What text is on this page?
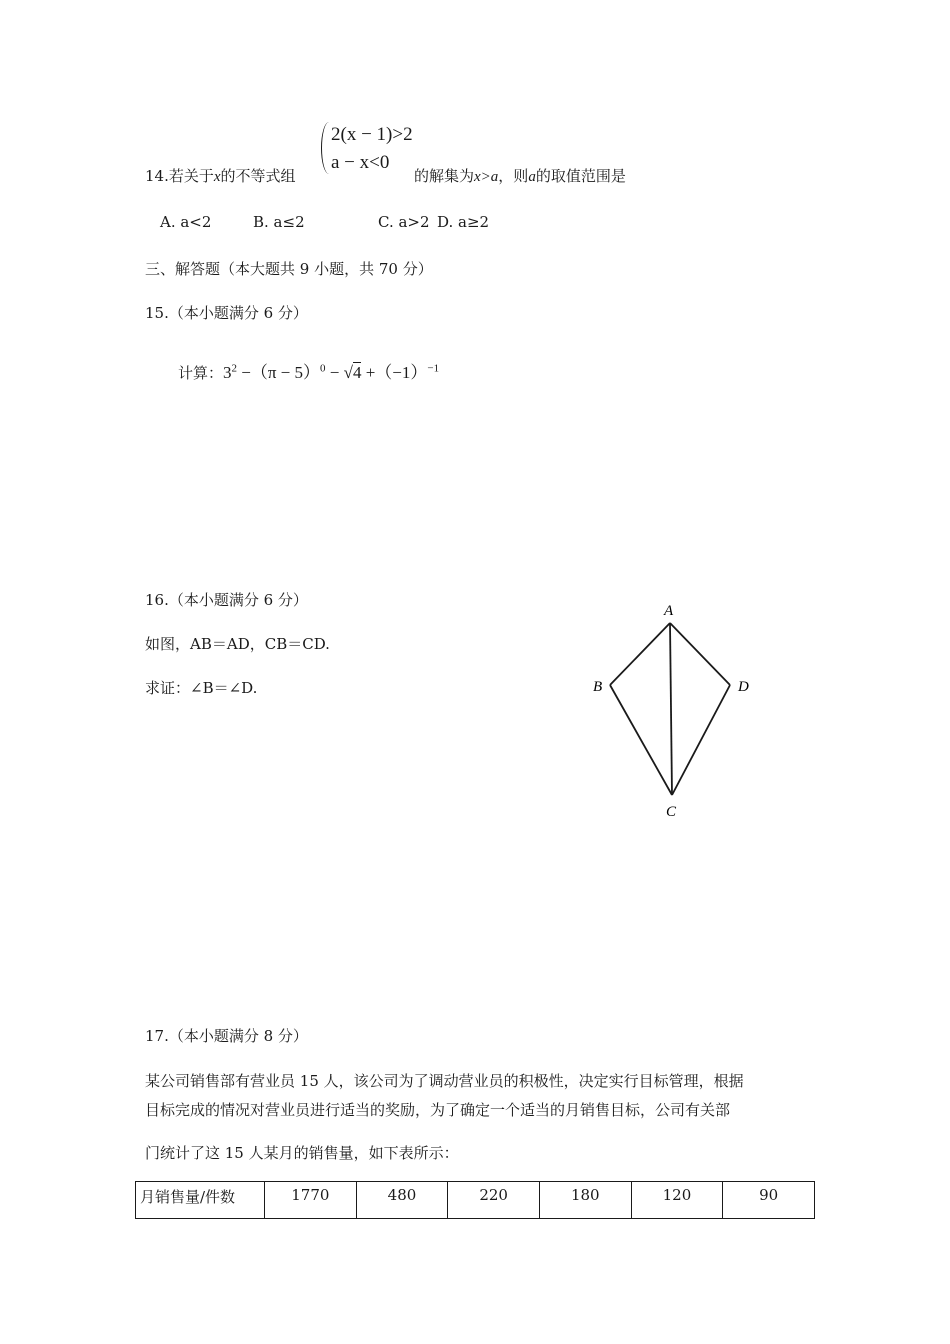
2(x − 1)>2
a − x<0
14.若关于x的不等式组	的解集为x>a，则a的取值范围是
A. a<2	B. a≤2	C. a>2 D. a≥2
三、解答题（本大题共 9 小题，共 70 分）
15.（本小题满分 6 分）
计算：$3^2 -(\pi - 5)^0 - √4 +(-1)^{-1}$
16.（本小题满分 6 分）
如图，AB＝AD，CB＝CD.
求证：∠B＝∠D.
A
B	D
C
17.（本小题满分 8 分）
某公司销售部有营业员 15 人，该公司为了调动营业员的积极性，决定实行目标管理，根据
目标完成的情况对营业员进行适当的奖励，为了确定一个适当的月销售目标，公司有关部
门统计了这 15 人某月的销售量，如下表所示：
月销售量/件数	1770	480	220	180	120	90
